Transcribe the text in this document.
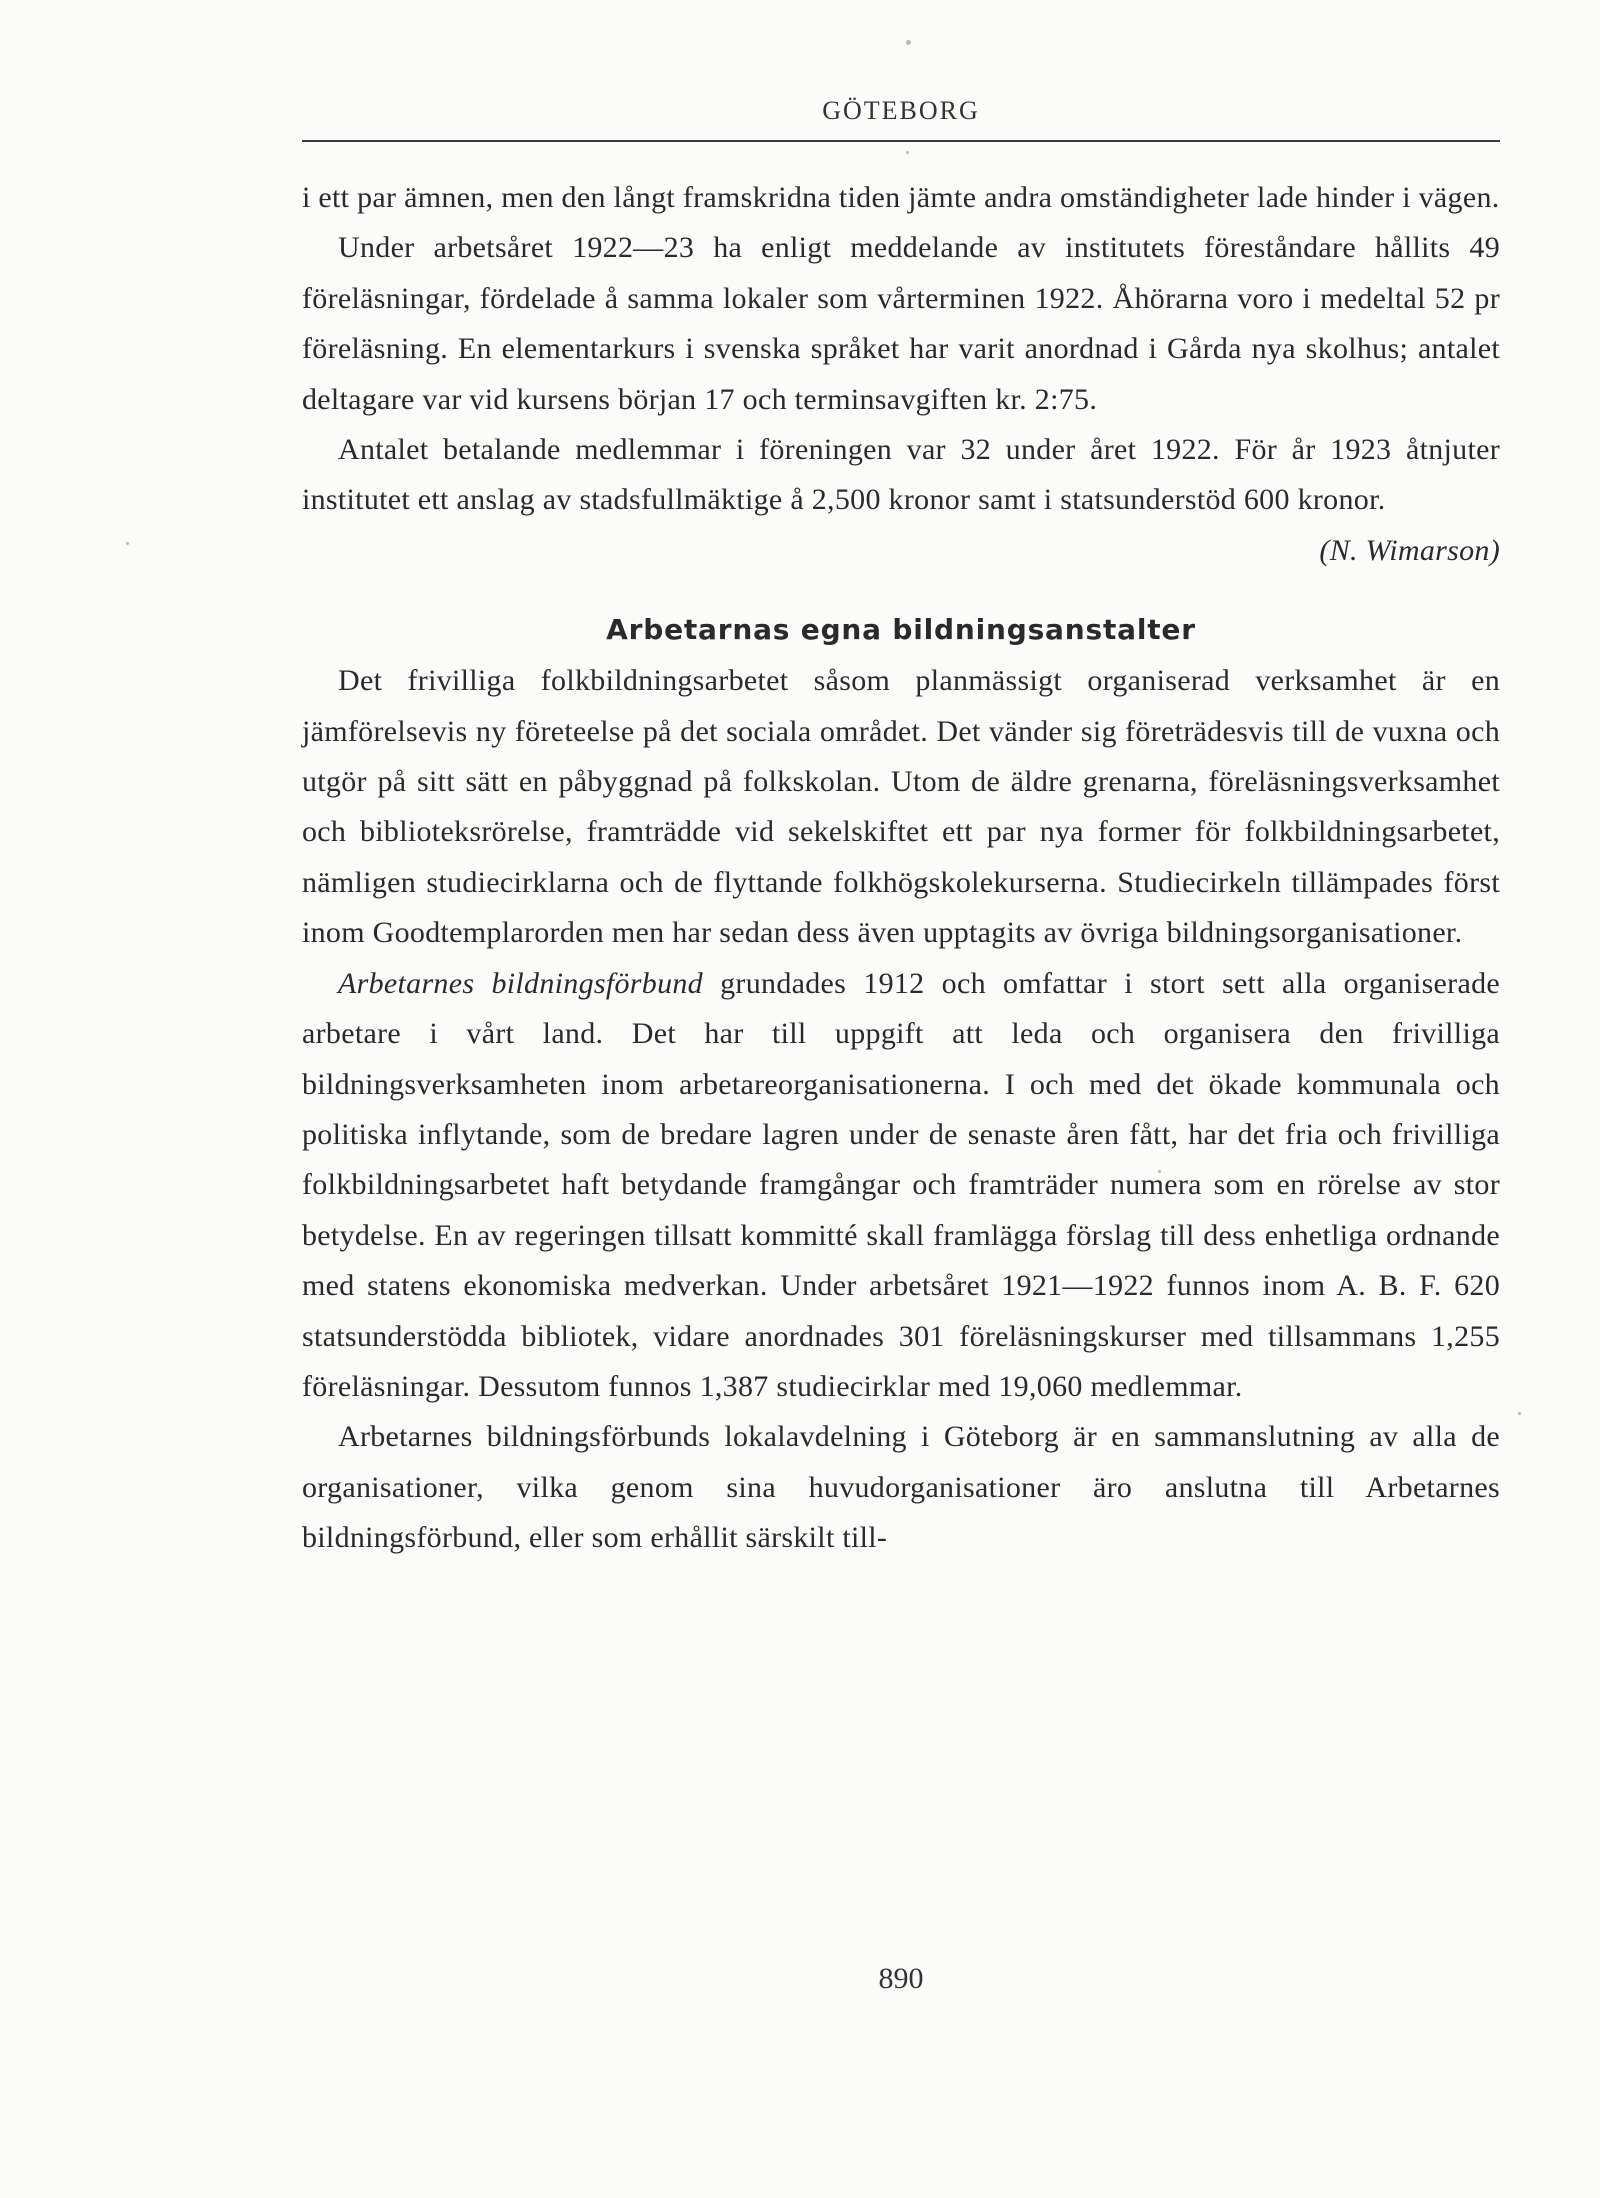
GÖTEBORG

i ett par ämnen, men den långt framskridna tiden jämte andra omständigheter lade hinder i vägen.

Under arbetsåret 1922—23 ha enligt meddelande av institutets föreståndare hållits 49 föreläsningar, fördelade å samma lokaler som vårterminen 1922. Åhörarna voro i medeltal 52 pr föreläsning. En elementarkurs i svenska språket har varit anordnad i Gårda nya skolhus; antalet deltagare var vid kursens början 17 och terminsavgiften kr. 2:75.

Antalet betalande medlemmar i föreningen var 32 under året 1922. För år 1923 åtnjuter institutet ett anslag av stadsfullmäktige å 2,500 kronor samt i statsunderstöd 600 kronor.

(N. Wimarson)

Arbetarnas egna bildningsanstalter

Det frivilliga folkbildningsarbetet såsom planmässigt organiserad verksamhet är en jämförelsevis ny företeelse på det sociala området. Det vänder sig företrädesvis till de vuxna och utgör på sitt sätt en påbyggnad på folkskolan. Utom de äldre grenarna, föreläsningsverksamhet och biblioteksrörelse, framträdde vid sekelskiftet ett par nya former för folkbildningsarbetet, nämligen studiecirklarna och de flyttande folkhögskolekurserna. Studiecirkeln tillämpades först inom Goodtemplarorden men har sedan dess även upptagits av övriga bildningsorganisationer.

Arbetarnes bildningsförbund grundades 1912 och omfattar i stort sett alla organiserade arbetare i vårt land. Det har till uppgift att leda och organisera den frivilliga bildningsverksamheten inom arbetareorganisationerna. I och med det ökade kommunala och politiska inflytande, som de bredare lagren under de senaste åren fått, har det fria och frivilliga folkbildningsarbetet haft betydande framgångar och framträder numera som en rörelse av stor betydelse. En av regeringen tillsatt kommitté skall framlägga förslag till dess enhetliga ordnande med statens ekonomiska medverkan. Under arbetsåret 1921—1922 funnos inom A. B. F. 620 statsunderstödda bibliotek, vidare anordnades 301 föreläsningskurser med tillsammans 1,255 föreläsningar. Dessutom funnos 1,387 studiecirklar med 19,060 medlemmar.

Arbetarnes bildningsförbunds lokalavdelning i Göteborg är en sammanslutning av alla de organisationer, vilka genom sina huvudorganisationer äro anslutna till Arbetarnes bildningsförbund, eller som erhållit särskilt till-

890
